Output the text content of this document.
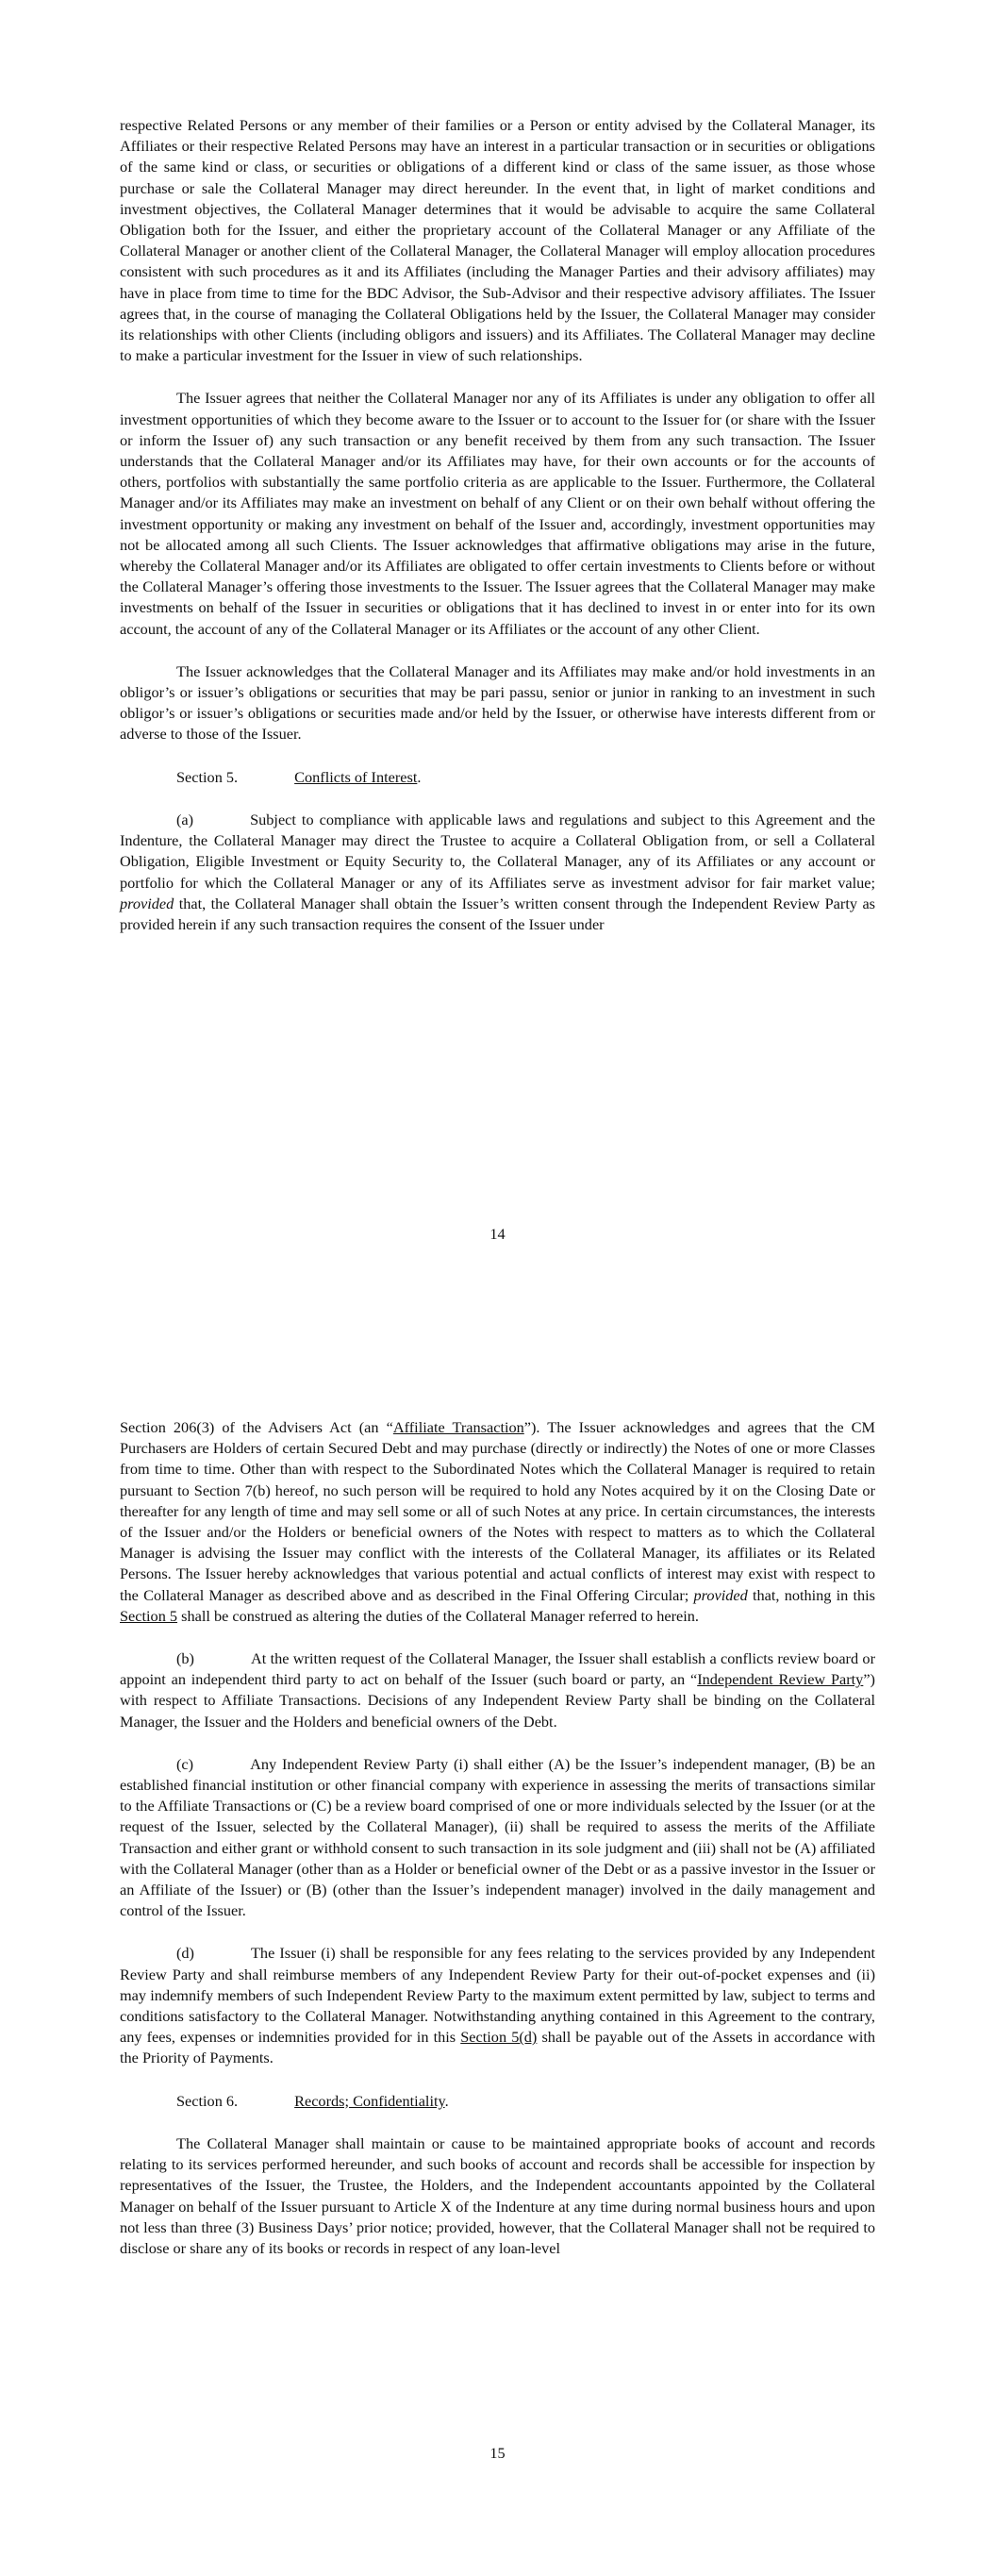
respective Related Persons or any member of their families or a Person or entity advised by the Collateral Manager, its Affiliates or their respective Related Persons may have an interest in a particular transaction or in securities or obligations of the same kind or class, or securities or obligations of a different kind or class of the same issuer, as those whose purchase or sale the Collateral Manager may direct hereunder. In the event that, in light of market conditions and investment objectives, the Collateral Manager determines that it would be advisable to acquire the same Collateral Obligation both for the Issuer, and either the proprietary account of the Collateral Manager or any Affiliate of the Collateral Manager or another client of the Collateral Manager, the Collateral Manager will employ allocation procedures consistent with such procedures as it and its Affiliates (including the Manager Parties and their advisory affiliates) may have in place from time to time for the BDC Advisor, the Sub-Advisor and their respective advisory affiliates. The Issuer agrees that, in the course of managing the Collateral Obligations held by the Issuer, the Collateral Manager may consider its relationships with other Clients (including obligors and issuers) and its Affiliates. The Collateral Manager may decline to make a particular investment for the Issuer in view of such relationships.

The Issuer agrees that neither the Collateral Manager nor any of its Affiliates is under any obligation to offer all investment opportunities of which they become aware to the Issuer or to account to the Issuer for (or share with the Issuer or inform the Issuer of) any such transaction or any benefit received by them from any such transaction. The Issuer understands that the Collateral Manager and/or its Affiliates may have, for their own accounts or for the accounts of others, portfolios with substantially the same portfolio criteria as are applicable to the Issuer. Furthermore, the Collateral Manager and/or its Affiliates may make an investment on behalf of any Client or on their own behalf without offering the investment opportunity or making any investment on behalf of the Issuer and, accordingly, investment opportunities may not be allocated among all such Clients. The Issuer acknowledges that affirmative obligations may arise in the future, whereby the Collateral Manager and/or its Affiliates are obligated to offer certain investments to Clients before or without the Collateral Manager’s offering those investments to the Issuer. The Issuer agrees that the Collateral Manager may make investments on behalf of the Issuer in securities or obligations that it has declined to invest in or enter into for its own account, the account of any of the Collateral Manager or its Affiliates or the account of any other Client.

The Issuer acknowledges that the Collateral Manager and its Affiliates may make and/or hold investments in an obligor’s or issuer’s obligations or securities that may be pari passu, senior or junior in ranking to an investment in such obligor’s or issuer’s obligations or securities made and/or held by the Issuer, or otherwise have interests different from or adverse to those of the Issuer.

Section 5.	Conflicts of Interest.

(a)	Subject to compliance with applicable laws and regulations and subject to this Agreement and the Indenture, the Collateral Manager may direct the Trustee to acquire a Collateral Obligation from, or sell a Collateral Obligation, Eligible Investment or Equity Security to, the Collateral Manager, any of its Affiliates or any account or portfolio for which the Collateral Manager or any of its Affiliates serve as investment advisor for fair market value; provided that, the Collateral Manager shall obtain the Issuer’s written consent through the Independent Review Party as provided herein if any such transaction requires the consent of the Issuer under

14

Section 206(3) of the Advisers Act (an “Affiliate Transaction”). The Issuer acknowledges and agrees that the CM Purchasers are Holders of certain Secured Debt and may purchase (directly or indirectly) the Notes of one or more Classes from time to time. Other than with respect to the Subordinated Notes which the Collateral Manager is required to retain pursuant to Section 7(b) hereof, no such person will be required to hold any Notes acquired by it on the Closing Date or thereafter for any length of time and may sell some or all of such Notes at any price. In certain circumstances, the interests of the Issuer and/or the Holders or beneficial owners of the Notes with respect to matters as to which the Collateral Manager is advising the Issuer may conflict with the interests of the Collateral Manager, its affiliates or its Related Persons. The Issuer hereby acknowledges that various potential and actual conflicts of interest may exist with respect to the Collateral Manager as described above and as described in the Final Offering Circular; provided that, nothing in this Section 5 shall be construed as altering the duties of the Collateral Manager referred to herein.

(b)	At the written request of the Collateral Manager, the Issuer shall establish a conflicts review board or appoint an independent third party to act on behalf of the Issuer (such board or party, an “Independent Review Party”) with respect to Affiliate Transactions. Decisions of any Independent Review Party shall be binding on the Collateral Manager, the Issuer and the Holders and beneficial owners of the Debt.

(c)	Any Independent Review Party (i) shall either (A) be the Issuer’s independent manager, (B) be an established financial institution or other financial company with experience in assessing the merits of transactions similar to the Affiliate Transactions or (C) be a review board comprised of one or more individuals selected by the Issuer (or at the request of the Issuer, selected by the Collateral Manager), (ii) shall be required to assess the merits of the Affiliate Transaction and either grant or withhold consent to such transaction in its sole judgment and (iii) shall not be (A) affiliated with the Collateral Manager (other than as a Holder or beneficial owner of the Debt or as a passive investor in the Issuer or an Affiliate of the Issuer) or (B) (other than the Issuer’s independent manager) involved in the daily management and control of the Issuer.

(d)	The Issuer (i) shall be responsible for any fees relating to the services provided by any Independent Review Party and shall reimburse members of any Independent Review Party for their out-of-pocket expenses and (ii) may indemnify members of such Independent Review Party to the maximum extent permitted by law, subject to terms and conditions satisfactory to the Collateral Manager. Notwithstanding anything contained in this Agreement to the contrary, any fees, expenses or indemnities provided for in this Section 5(d) shall be payable out of the Assets in accordance with the Priority of Payments.

Section 6.	Records; Confidentiality.

The Collateral Manager shall maintain or cause to be maintained appropriate books of account and records relating to its services performed hereunder, and such books of account and records shall be accessible for inspection by representatives of the Issuer, the Trustee, the Holders, and the Independent accountants appointed by the Collateral Manager on behalf of the Issuer pursuant to Article X of the Indenture at any time during normal business hours and upon not less than three (3) Business Days’ prior notice; provided, however, that the Collateral Manager shall not be required to disclose or share any of its books or records in respect of any loan-level

15
